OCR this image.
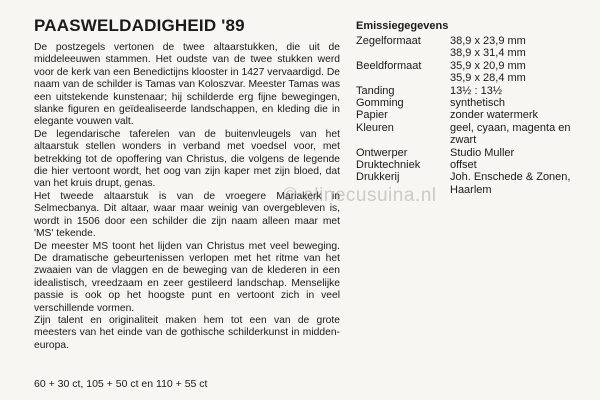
PAASWELDADIGHEID '89

De postzegels vertonen de twee altaarstukken, die uit de middeleeuwen stammen. Het oudste van de twee stukken werd voor de kerk van een Benedictijns klooster in 1427 vervaardigd. De naam van de schilder is Tamas van Koloszvar. Meester Tamas was een uitstekende kunstenaar; hij schilderde erg fijne bewegingen, slanke figuren en geïdealiseerde landschappen, en kleding die in elegante vouwen valt.

De legendarische taferelen van de buitenvleugels van het altaarstuk stellen wonders in verband met voedsel voor, met betrekking tot de opoffering van Christus, die volgens de legende die hier vertoont wordt, het oog van zijn kaper met zijn bloed, dat van het kruis drupt, genas.

Het tweede altaarstuk is van de vroegere Mariakerk in Selmecbanya. Dit altaar, waar maar weinig van overgebleven is, wordt in 1506 door een schilder die zijn naam alleen maar met 'MS' tekende.

De meester MS toont het lijden van Christus met veel beweging. De dramatische gebeurtenissen verlopen met het ritme van het zwaaien van de vlaggen en de beweging van de klederen in een idealistisch, vreedzaam en zeer gestileerd landschap. Menselijke passie is ook op het hoogste punt en vertoont zich in veel verschillende vormen.

Zijn talent en originaliteit maken hem tot een van de grote meesters van het einde van de gothische schilderkunst in midden-europa.

60 + 30 ct, 105 + 50 ct en 110 + 55 ct
Emissiegegevens
Zegelformaat	38,9 x 23,9 mm
	38,9 x 31,4 mm
Beeldformaat	35,9 x 20,9 mm
	35,9 x 28,4 mm
Tanding	13½ : 13½
Gomming	synthetisch
Papier	zonder watermerk
Kleuren	geel, cyaan, magenta en zwart
Ontwerper	Studio Muller
Druktechniek	offset
Drukkerij	Joh. Enschede & Zonen, Haarlem
© alinecusuina.nl
